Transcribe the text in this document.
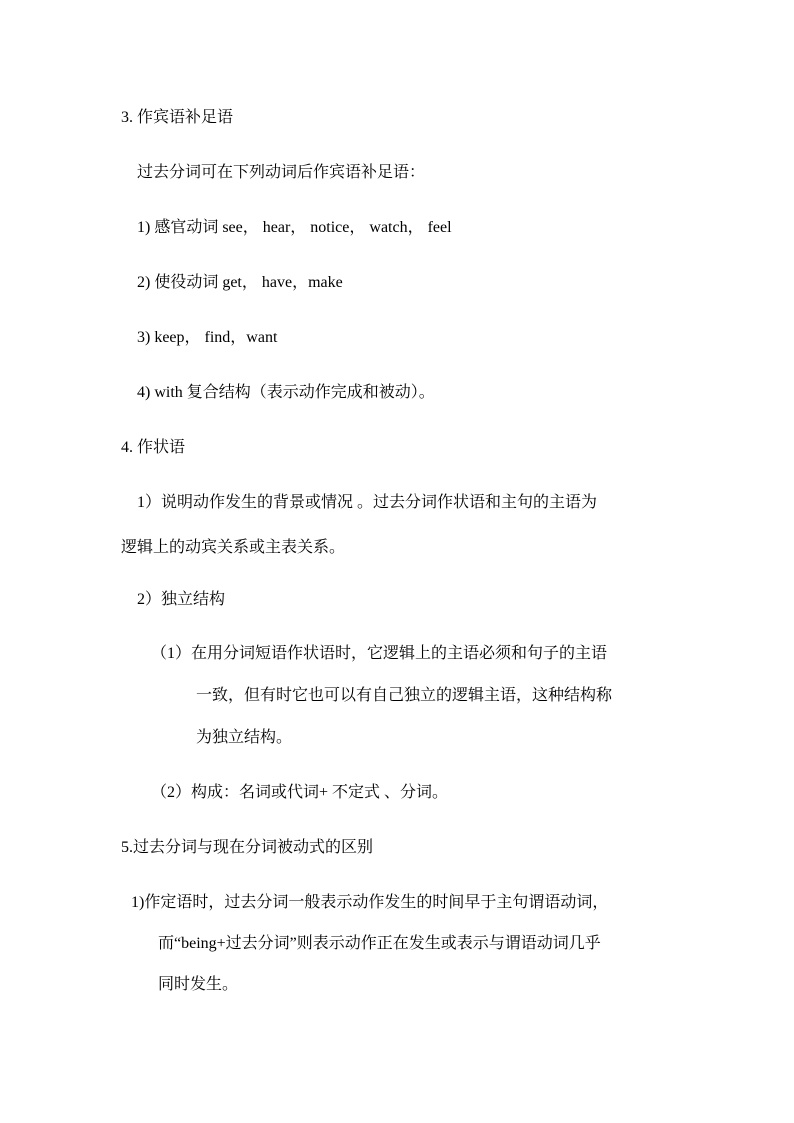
3. 作宾语补足语

过去分词可在下列动词后作宾语补足语：

1) 感官动词 see， hear， notice， watch， feel

2) 使役动词 get， have，make

3) keep， find，want

4) with 复合结构（表示动作完成和被动）。

4. 作状语

1）说明动作发生的背景或情况 。过去分词作状语和主句的主语为

逻辑上的动宾关系或主表关系。

2）独立结构

（1）在用分词短语作状语时，它逻辑上的主语必须和句子的主语

一致，但有时它也可以有自己独立的逻辑主语，这种结构称

为独立结构。

（2）构成：名词或代词+ 不定式 、分词。

5.过去分词与现在分词被动式的区别

1)作定语时，过去分词一般表示动作发生的时间早于主句谓语动词，

而“being+过去分词”则表示动作正在发生或表示与谓语动词几乎

同时发生。
